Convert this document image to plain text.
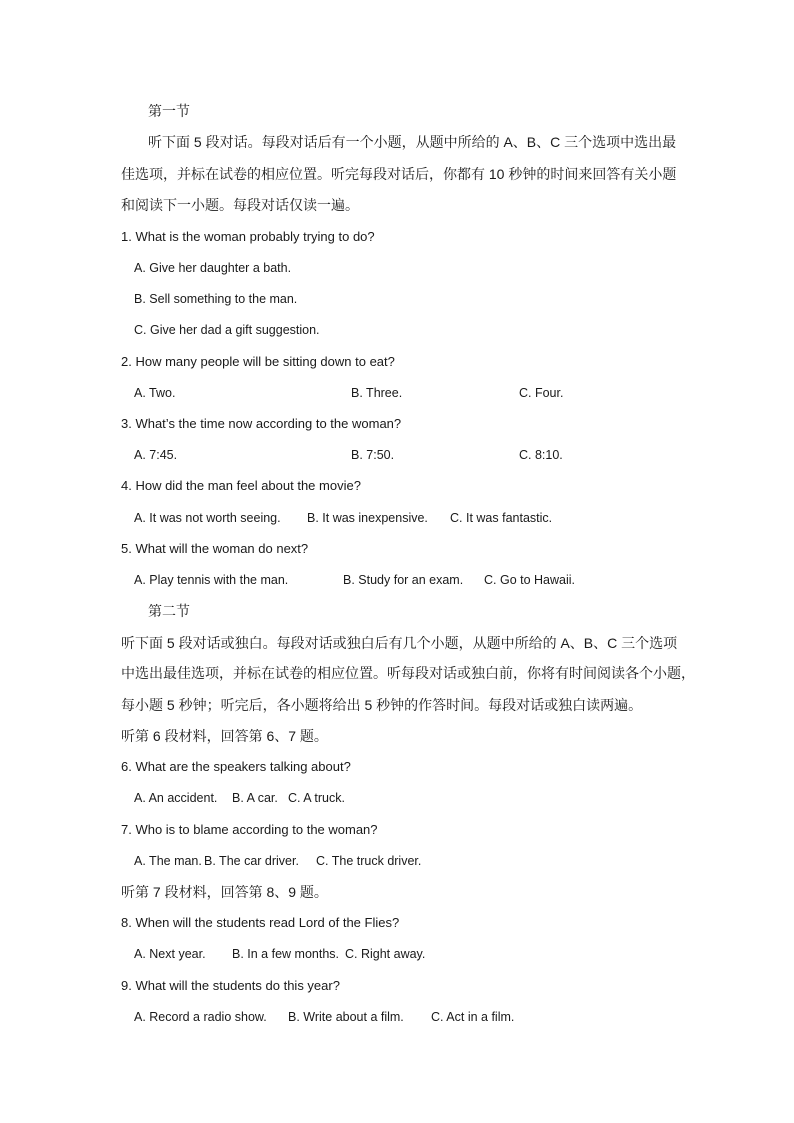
第一节
听下面 5 段对话。每段对话后有一个小题，从题中所给的 A、B、C 三个选项中选出最
佳选项，并标在试卷的相应位置。听完每段对话后，你都有 10 秒钟的时间来回答有关小题
和阅读下一小题。每段对话仅读一遍。
1. What is the woman probably trying to do?
A. Give her daughter a bath.
B. Sell something to the man.
C. Give her dad a gift suggestion.
2. How many people will be sitting down to eat?
A. Two.	B. Three.	C. Four.
3. What’s the time now according to the woman?
A. 7:45.	B. 7:50.	C. 8:10.
4. How did the man feel about the movie?
A. It was not worth seeing. B. It was inexpensive. C. It was fantastic.
5. What will the woman do next?
A. Play tennis with the man.	B. Study for an exam. C. Go to Hawaii.
第二节
听下面 5 段对话或独白。每段对话或独白后有几个小题，从题中所给的 A、B、C 三个选项
中选出最佳选项，并标在试卷的相应位置。听每段对话或独白前，你将有时间阅读各个小题，
每小题 5 秒钟；听完后，各小题将给出 5 秒钟的作答时间。每段对话或独白读两遍。
听第 6 段材料，回答第 6、7 题。
6. What are the speakers talking about?
A. An accident. B. A car. C. A truck.
7. Who is to blame according to the woman?
A. The man. B. The car driver. C. The truck driver.
听第 7 段材料，回答第 8、9 题。
8. When will the students read Lord of the Flies?
A. Next year. B. In a few months. C. Right away.
9. What will the students do this year?
A. Record a radio show. B. Write about a film. C. Act in a film.
